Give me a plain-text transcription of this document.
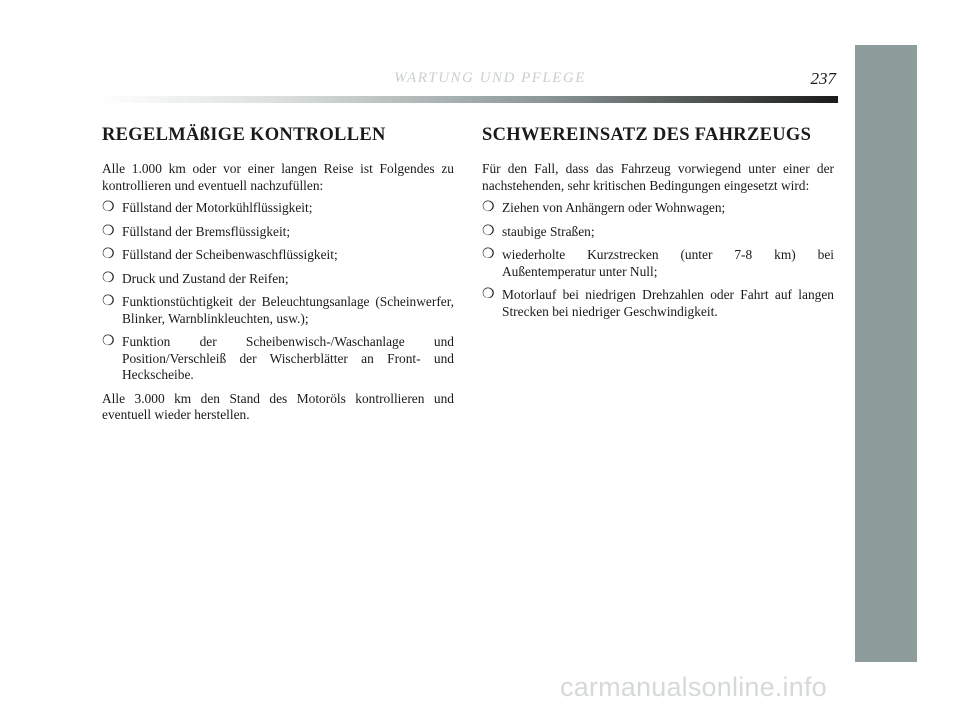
WARTUNG UND PFLEGE	237
REGELMÄßIGE KONTROLLEN

Alle 1.000 km oder vor einer langen Reise ist Folgendes zu kontrollieren und eventuell nachzufüllen:

❍ Füllstand der Motorkühlflüssigkeit;
❍ Füllstand der Bremsflüssigkeit;
❍ Füllstand der Scheibenwaschflüssigkeit;
❍ Druck und Zustand der Reifen;
❍ Funktionstüchtigkeit der Beleuchtungsanlage (Scheinwerfer, Blinker, Warnblinkleuchten, usw.);
❍ Funktion der Scheibenwisch-/Waschanlage und Position/Verschleiß der Wischerblätter an Front- und Heckscheibe.

Alle 3.000 km den Stand des Motoröls kontrollieren und eventuell wieder herstellen.

SCHWEREINSATZ DES FAHRZEUGS

Für den Fall, dass das Fahrzeug vorwiegend unter einer der nachstehenden, sehr kritischen Bedingungen eingesetzt wird:

❍ Ziehen von Anhängern oder Wohnwagen;
❍ staubige Straßen;
❍ wiederholte Kurzstrecken (unter 7-8 km) bei Außentemperatur unter Null;
❍ Motorlauf bei niedrigen Drehzahlen oder Fahrt auf langen Strecken bei niedriger Geschwindigkeit.
carmanualsonline.info
